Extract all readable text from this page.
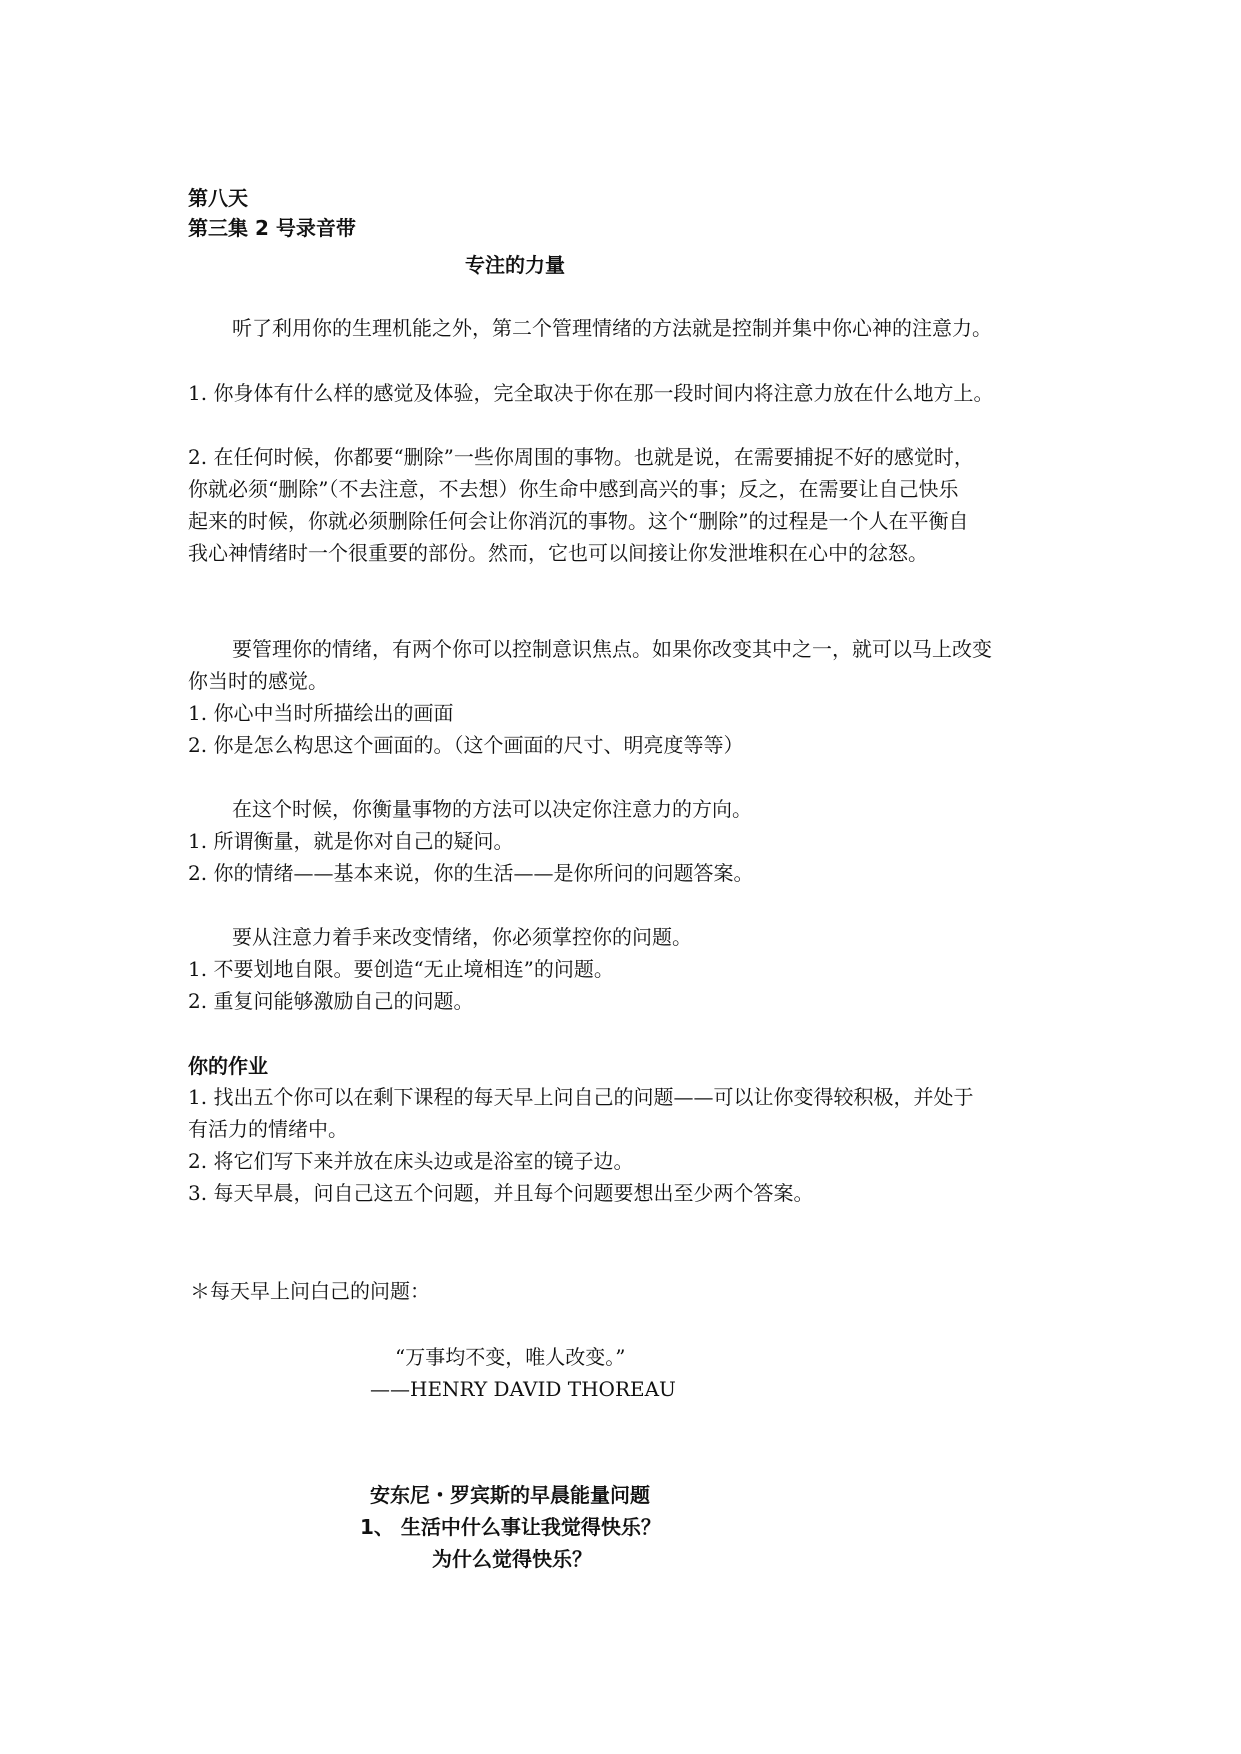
第八天
第三集 2 号录音带
专注的力量
听了利用你的生理机能之外，第二个管理情绪的方法就是控制并集中你心神的注意力。
1. 你身体有什么样的感觉及体验，完全取决于你在那一段时间内将注意力放在什么地方上。
2. 在任何时候，你都要“删除”一些你周围的事物。也就是说，在需要捕捉不好的感觉时，
你就必须“删除”（不去注意，不去想）你生命中感到高兴的事；反之，在需要让自己快乐
起来的时候，你就必须删除任何会让你消沉的事物。这个“删除”的过程是一个人在平衡自
我心神情绪时一个很重要的部份。然而，它也可以间接让你发泄堆积在心中的忿怒。
要管理你的情绪，有两个你可以控制意识焦点。如果你改变其中之一，就可以马上改变
你当时的感觉。
1. 你心中当时所描绘出的画面
2. 你是怎么构思这个画面的。（这个画面的尺寸、明亮度等等）
在这个时候，你衡量事物的方法可以决定你注意力的方向。
1. 所谓衡量，就是你对自己的疑问。
2. 你的情绪——基本来说，你的生活——是你所问的问题答案。
要从注意力着手来改变情绪，你必须掌控你的问题。
1. 不要划地自限。要创造“无止境相连”的问题。
2. 重复问能够激励自己的问题。
你的作业
1. 找出五个你可以在剩下课程的每天早上问自己的问题——可以让你变得较积极，并处于
有活力的情绪中。
2. 将它们写下来并放在床头边或是浴室的镜子边。
3. 每天早晨，问自己这五个问题，并且每个问题要想出至少两个答案。
＊每天早上问白己的问题：
“万事均不变，唯人改变。”
——HENRY DAVID THOREAU
安东尼・罗宾斯的早晨能量问题
1、 生活中什么事让我觉得快乐？
为什么觉得快乐？
